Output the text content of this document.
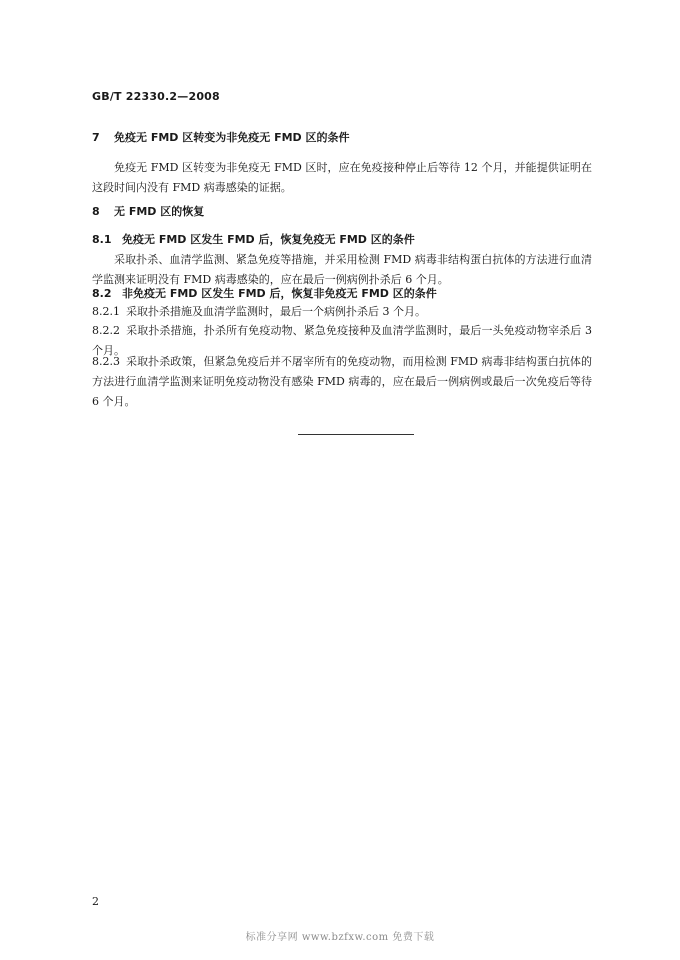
GB/T 22330.2—2008
7 免疫无 FMD 区转变为非免疫无 FMD 区的条件
免疫无 FMD 区转变为非免疫无 FMD 区时，应在免疫接种停止后等待 12 个月，并能提供证明在这段时间内没有 FMD 病毒感染的证据。
8 无 FMD 区的恢复
8.1 免疫无 FMD 区发生 FMD 后，恢复免疫无 FMD 区的条件
采取扑杀、血清学监测、紧急免疫等措施，并采用检测 FMD 病毒非结构蛋白抗体的方法进行血清学监测来证明没有 FMD 病毒感染的，应在最后一例病例扑杀后 6 个月。
8.2 非免疫无 FMD 区发生 FMD 后，恢复非免疫无 FMD 区的条件
8.2.1 采取扑杀措施及血清学监测时，最后一个病例扑杀后 3 个月。
8.2.2 采取扑杀措施，扑杀所有免疫动物、紧急免疫接种及血清学监测时，最后一头免疫动物宰杀后 3 个月。
8.2.3 采取扑杀政策，但紧急免疫后并不屠宰所有的免疫动物，而用检测 FMD 病毒非结构蛋白抗体的方法进行血清学监测来证明免疫动物没有感染 FMD 病毒的，应在最后一例病例或最后一次免疫后等待 6 个月。
2
标准分享网 www.bzfxw.com 免费下载
